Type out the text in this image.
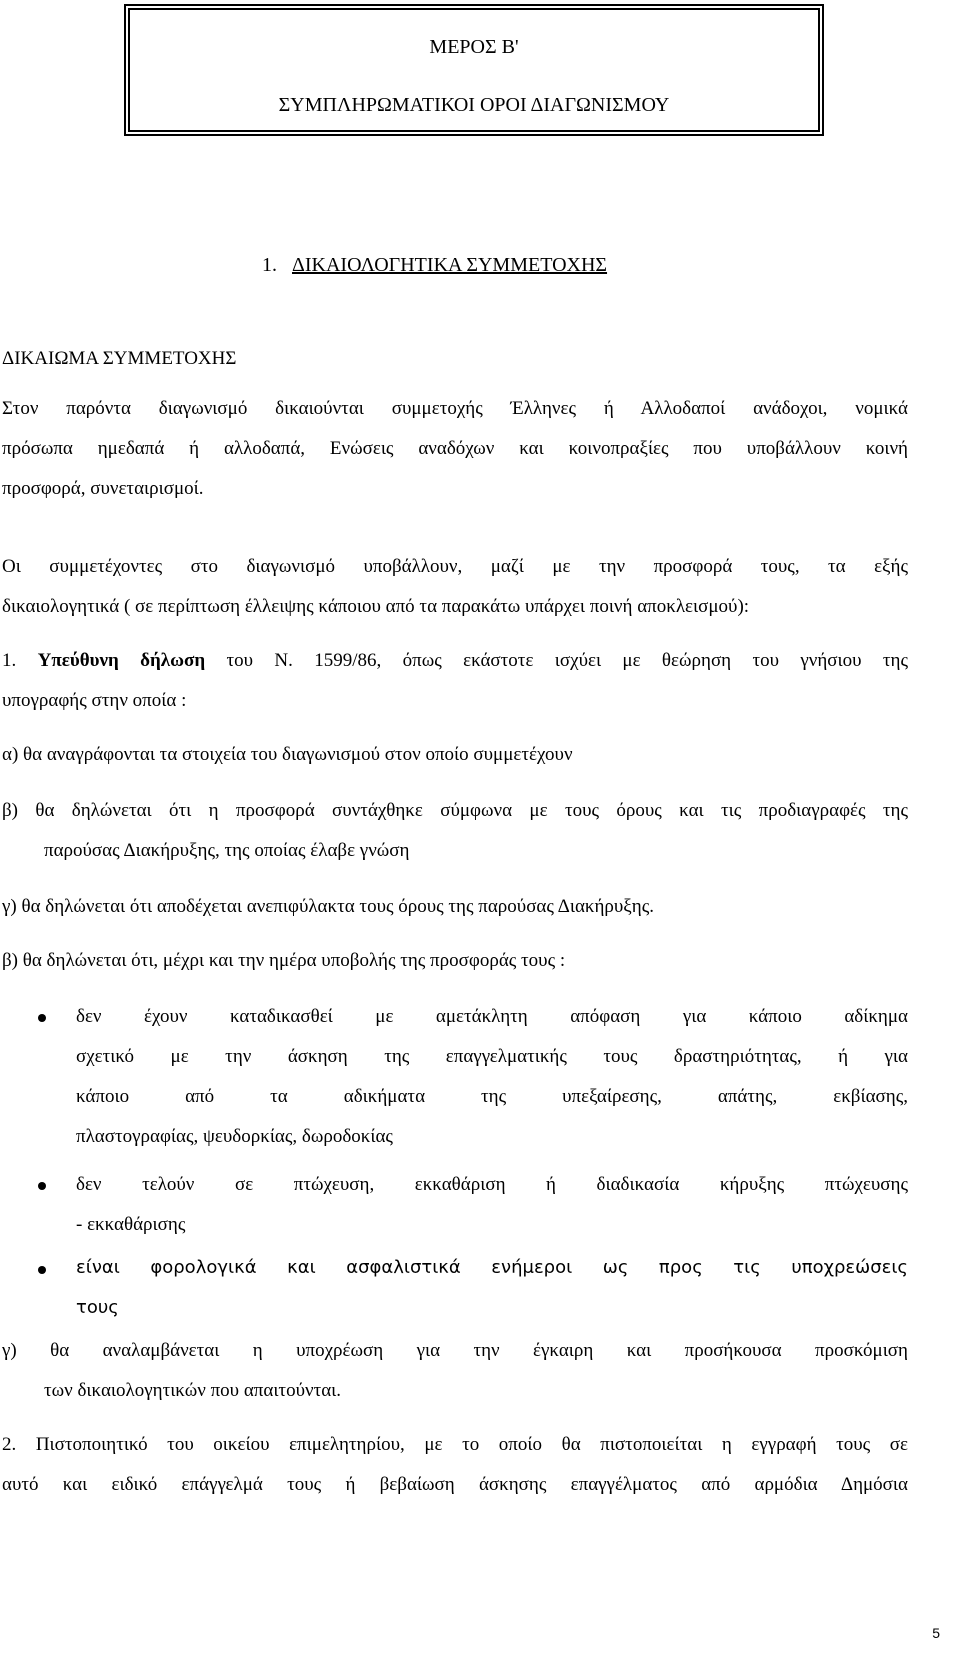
ΜΕΡΟΣ Β'
ΣΥΜΠΛΗΡΩΜΑΤΙΚΟΙ ΟΡΟΙ ΔΙΑΓΩΝΙΣΜΟΥ
1. ΔΙΚΑΙΟΛΟΓΗΤΙΚΑ ΣΥΜΜΕΤΟΧΗΣ
ΔΙΚΑΙΩΜΑ ΣΥΜΜΕΤΟΧΗΣ
Στον παρόντα διαγωνισμό δικαιούνται συμμετοχής Έλληνες ή Αλλοδαποί ανάδοχοι, νομικά
πρόσωπα ημεδαπά ή αλλοδαπά, Ενώσεις αναδόχων και κοινοπραξίες που υποβάλλουν κοινή
προσφορά, συνεταιρισμοί.
Οι συμμετέχοντες στο διαγωνισμό υποβάλλουν, μαζί με την προσφορά τους, τα εξής
δικαιολογητικά ( σε περίπτωση έλλειψης κάποιου από τα παρακάτω υπάρχει ποινή αποκλεισμού):
1. Υπεύθυνη δήλωση του Ν. 1599/86, όπως εκάστοτε ισχύει με θεώρηση του γνήσιου της
υπογραφής στην οποία :
α) θα αναγράφονται τα στοιχεία του διαγωνισμού στον οποίο συμμετέχουν
β) θα δηλώνεται ότι η προσφορά συντάχθηκε σύμφωνα με τους όρους και τις προδιαγραφές της
παρούσας Διακήρυξης, της οποίας έλαβε γνώση
γ) θα δηλώνεται ότι αποδέχεται ανεπιφύλακτα τους όρους της παρούσας Διακήρυξης.
β) θα δηλώνεται ότι, μέχρι και την ημέρα υποβολής της προσφοράς τους :
δεν έχουν καταδικασθεί με αμετάκλητη απόφαση για κάποιο αδίκημα
σχετικό με την άσκηση της επαγγελματικής τους δραστηριότητας, ή για
κάποιο από τα αδικήματα της υπεξαίρεσης, απάτης, εκβίασης,
πλαστογραφίας, ψευδορκίας, δωροδοκίας
δεν τελούν σε πτώχευση, εκκαθάριση ή διαδικασία κήρυξης πτώχευσης
- εκκαθάρισης
είναι φορολογικά και ασφαλιστικά ενήμεροι ως προς τις υποχρεώσεις
τους
γ) θα αναλαμβάνεται η υποχρέωση για την έγκαιρη και προσήκουσα προσκόμιση
των δικαιολογητικών που απαιτούνται.
2. Πιστοποιητικό του οικείου επιμελητηρίου, με το οποίο θα πιστοποιείται η εγγραφή τους σε
αυτό και ειδικό επάγγελμά τους ή βεβαίωση άσκησης επαγγέλματος από αρμόδια Δημόσια
5
